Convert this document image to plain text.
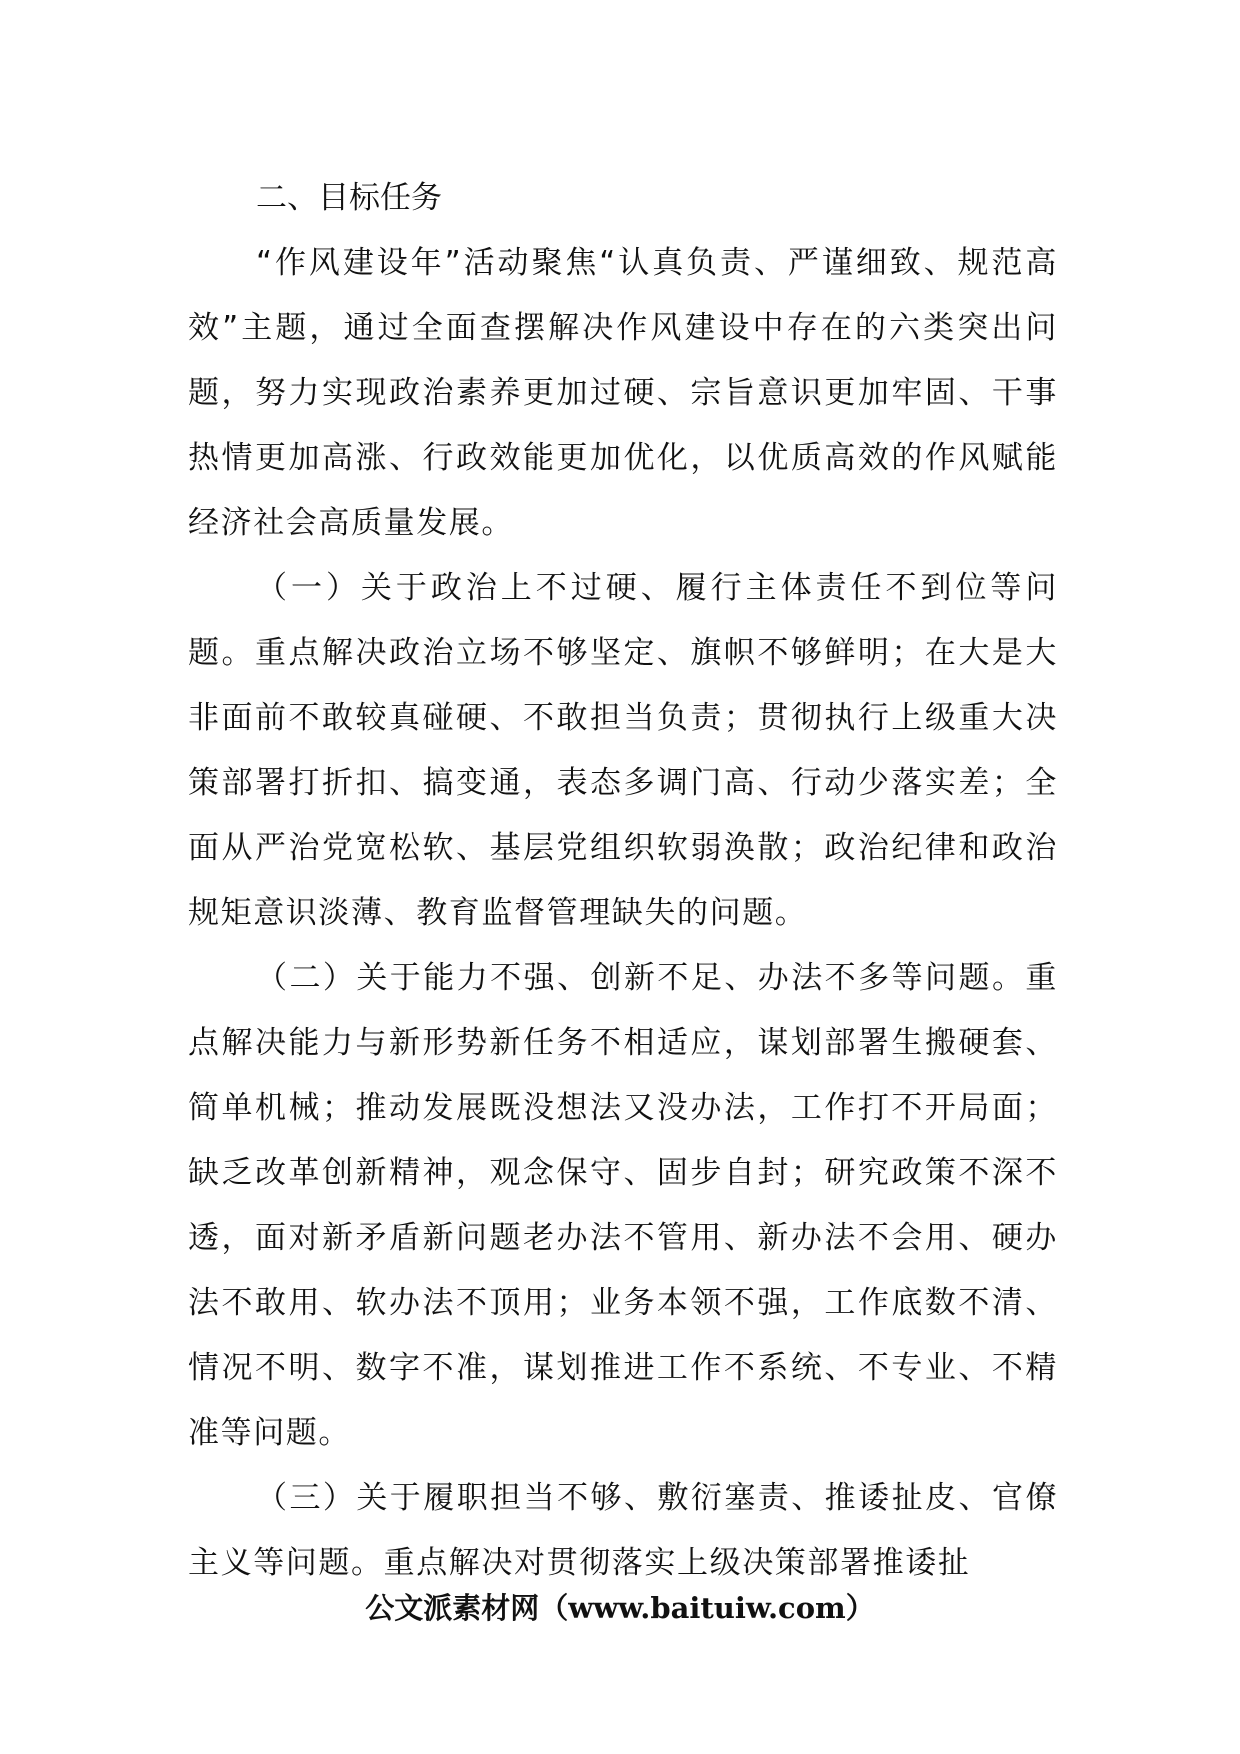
二、目标任务

“作风建设年”活动聚焦“认真负责、严谨细致、规范高效”主题，通过全面查摆解决作风建设中存在的六类突出问题，努力实现政治素养更加过硬、宗旨意识更加牢固、干事热情更加高涨、行政效能更加优化，以优质高效的作风赋能经济社会高质量发展。

（一）关于政治上不过硬、履行主体责任不到位等问题。重点解决政治立场不够坚定、旗帜不够鲜明；在大是大非面前不敢较真碰硬、不敢担当负责；贯彻执行上级重大决策部署打折扣、搞变通，表态多调门高、行动少落实差；全面从严治党宽松软、基层党组织软弱涣散；政治纪律和政治规矩意识淡薄、教育监督管理缺失的问题。

（二）关于能力不强、创新不足、办法不多等问题。重点解决能力与新形势新任务不相适应，谋划部署生搬硬套、简单机械；推动发展既没想法又没办法，工作打不开局面；缺乏改革创新精神，观念保守、固步自封；研究政策不深不透，面对新矛盾新问题老办法不管用、新办法不会用、硬办法不敢用、软办法不顶用；业务本领不强，工作底数不清、情况不明、数字不准，谋划推进工作不系统、不专业、不精准等问题。

（三）关于履职担当不够、敷衍塞责、推诿扯皮、官僚主义等问题。重点解决对贯彻落实上级决策部署推诿扯

公文派素材网（www.baituiw.com）
